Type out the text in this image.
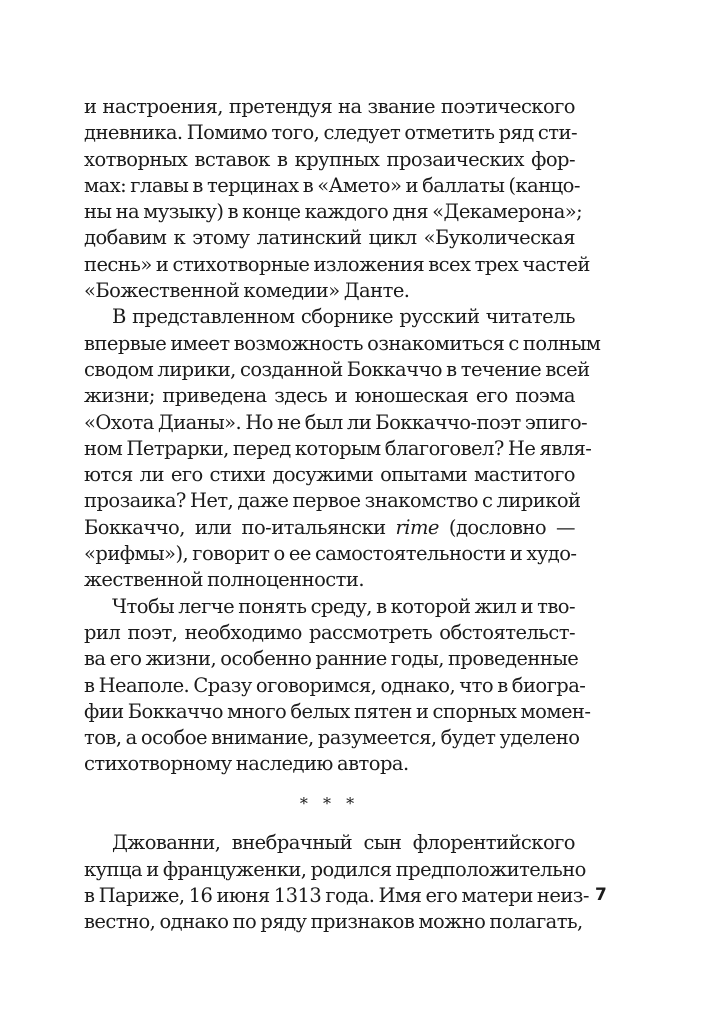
и настроения, претендуя на звание поэтического
дневника. Помимо того, следует отметить ряд сти-
хотворных вставок в крупных прозаических фор-
мах: главы в терцинах в «Амето» и баллаты (канцо-
ны на музыку) в конце каждого дня «Декамерона»;
добавим к этому латинский цикл «Буколическая
песнь» и стихотворные изложения всех трех частей
«Божественной комедии» Данте.
В представленном сборнике русский читатель
впервые имеет возможность ознакомиться с полным
сводом лирики, созданной Боккаччо в течение всей
жизни; приведена здесь и юношеская его поэма
«Охота Дианы». Но не был ли Боккаччо-поэт эпигo-
ном Петрарки, перед которым благоговел? Не явля-
ются ли его стихи досужими опытами маститого
прозаика? Нет, даже первое знакомство с лирикой
Боккаччо, или по-итальянски rime (дословно —
«рифмы»), говорит о ее самостоятельности и худо-
жественной полноценности.
Чтобы легче понять среду, в которой жил и тво-
рил поэт, необходимо рассмотреть обстоятельст-
ва его жизни, особенно ранние годы, проведенные
в Неаполе. Сразу оговоримся, однако, что в биогра-
фии Боккаччо много белых пятен и спорных момен-
тов, а особое внимание, разумеется, будет уделено
стихотворному наследию автора.
* * *
Джованни, внебрачный сын флорентийского
купца и француженки, родился предположительно
в Париже, 16 июня 1313 года. Имя его матери неиз-
вестно, однако по ряду признаков можно полагать,
7
